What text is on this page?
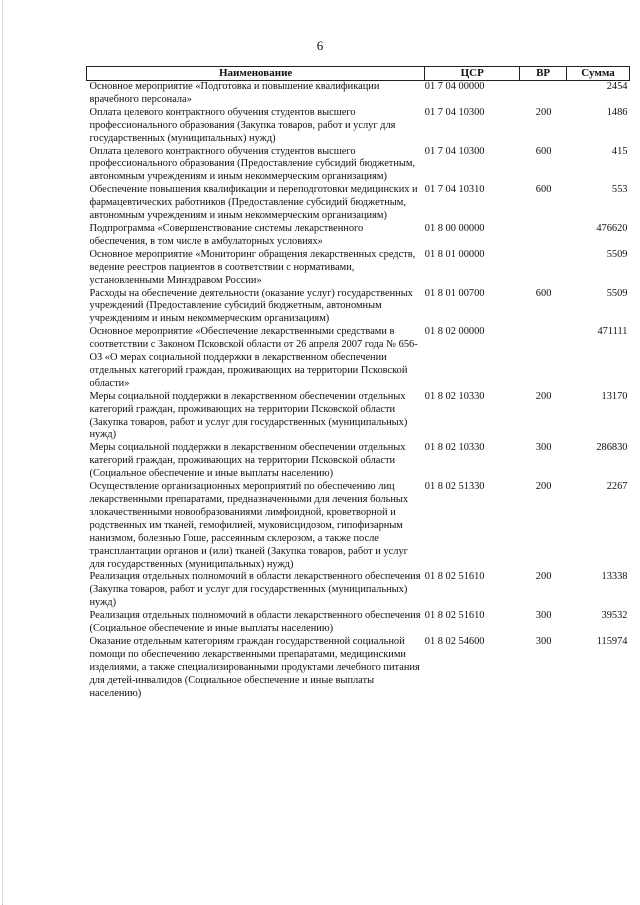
6
Наименование	ЦСР	ВР	Сумма
Основное мероприятие «Подготовка и повышение квалификации врачебного персонала»	01 7 04 00000		2454
Оплата целевого контрактного обучения студентов высшего профессионального образования (Закупка товаров, работ и услуг для государственных (муниципальных) нужд)	01 7 04 10300	200	1486
Оплата целевого контрактного обучения студентов высшего профессионального образования (Предоставление субсидий бюджетным, автономным учреждениям и иным некоммерческим организациям)	01 7 04 10300	600	415
Обеспечение повышения квалификации и переподготовки медицинских и фармацевтических работников (Предоставление субсидий бюджетным, автономным учреждениям и иным некоммерческим организациям)	01 7 04 10310	600	553
Подпрограмма «Совершенствование системы лекарственного обеспечения, в том числе в амбулаторных условиях»	01 8 00 00000		476620
Основное мероприятие «Мониторинг обращения лекарственных средств, ведение реестров пациентов в соответствии с нормативами, установленными Минздравом России»	01 8 01 00000		5509
Расходы на обеспечение деятельности (оказание услуг) государственных учреждений (Предоставление субсидий бюджетным, автономным учреждениям и иным некоммерческим организациям)	01 8 01 00700	600	5509
Основное мероприятие «Обеспечение лекарственными средствами в соответствии с Законом Псковской области от 26 апреля 2007 года № 656-ОЗ «О мерах социальной поддержки в лекарственном обеспечении отдельных категорий граждан, проживающих на территории Псковской области»	01 8 02 00000		471111
Меры социальной поддержки в лекарственном обеспечении отдельных категорий граждан, проживающих на территории Псковской области (Закупка товаров, работ и услуг для государственных (муниципальных) нужд)	01 8 02 10330	200	13170
Меры социальной поддержки в лекарственном обеспечении отдельных категорий граждан, проживающих на территории Псковской области (Социальное обеспечение и иные выплаты населению)	01 8 02 10330	300	286830
Осуществление организационных мероприятий по обеспечению лиц лекарственными препаратами, предназначенными для лечения больных злокачественными новообразованиями лимфоидной, кроветворной и родственных им тканей, гемофилией, муковисцидозом, гипофизарным нанизмом, болезнью Гоше, рассеянным склерозом, а также после трансплантации органов и (или) тканей (Закупка товаров, работ и услуг для государственных (муниципальных) нужд)	01 8 02 51330	200	2267
Реализация отдельных полномочий в области лекарственного обеспечения (Закупка товаров, работ и услуг для государственных (муниципальных) нужд)	01 8 02 51610	200	13338
Реализация отдельных полномочий в области лекарственного обеспечения (Социальное обеспечение и иные выплаты населению)	01 8 02 51610	300	39532
Оказание отдельным категориям граждан государственной социальной помощи по обеспечению лекарственными препаратами, медицинскими изделиями, а также специализированными продуктами лечебного питания для детей-инвалидов (Социальное обеспечение и иные выплаты населению)	01 8 02 54600	300	115974
